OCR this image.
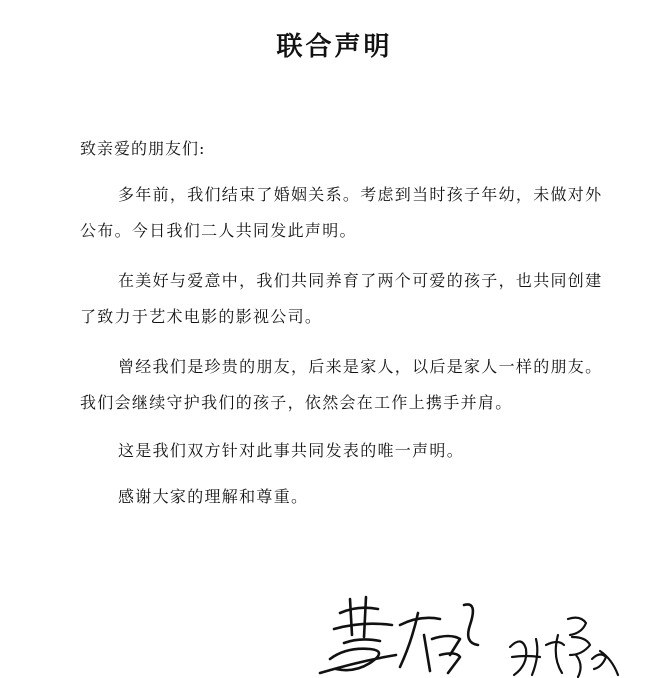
联合声明
致亲爱的朋友们:

多年前，我们结束了婚姻关系。考虑到当时孩子年幼，未做对外公布。今日我们二人共同发此声明。

在美好与爱意中，我们共同养育了两个可爱的孩子，也共同创建了致力于艺术电影的影视公司。

曾经我们是珍贵的朋友，后来是家人，以后是家人一样的朋友。我们会继续守护我们的孩子，依然会在工作上携手并肩。

这是我们双方针对此事共同发表的唯一声明。

感谢大家的理解和尊重。
